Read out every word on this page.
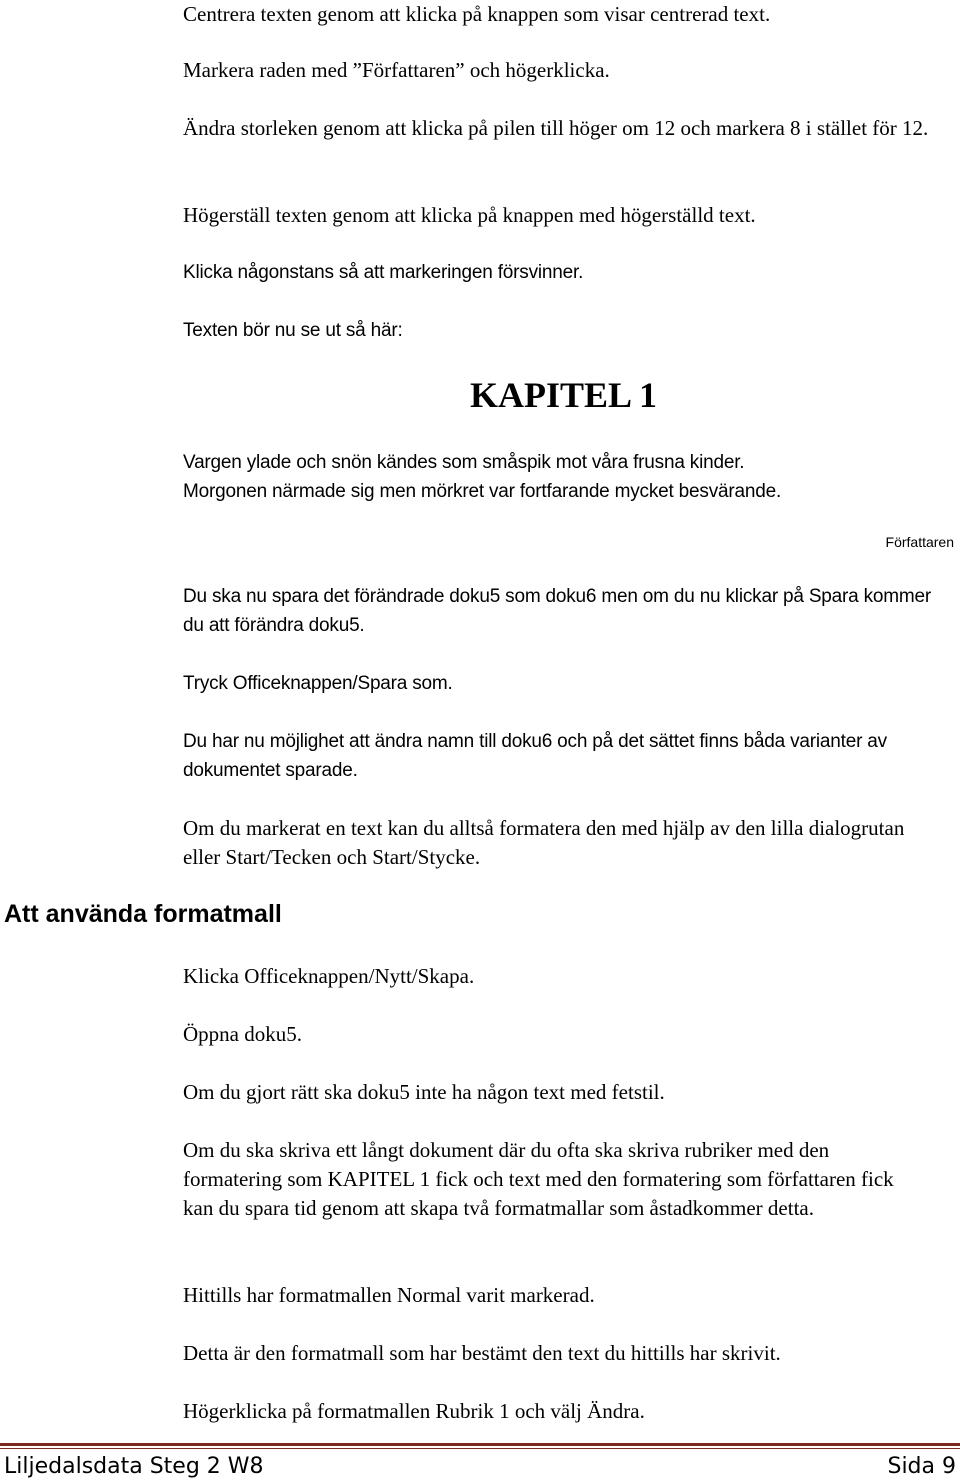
Centrera texten genom att klicka på knappen som visar centrerad text.

Markera raden med ”Författaren” och högerklicka.

Ändra storleken genom att klicka på pilen till höger om 12 och markera 8 i stället för 12.

Högerställ texten genom att klicka på knappen med högerställd text.

Klicka någonstans så att markeringen försvinner.

Texten bör nu se ut så här:

KAPITEL 1

Vargen ylade och snön kändes som småspik mot våra frusna kinder.

Morgonen närmade sig men mörkret var fortfarande mycket besvärande.

Författaren

Du ska nu spara det förändrade doku5 som doku6 men om du nu klickar på Spara kommer du att förändra doku5.

Tryck Officeknappen/Spara som.

Du har nu möjlighet att ändra namn till doku6 och på det sättet finns båda varianter av dokumentet sparade.

Om du markerat en text kan du alltså formatera den med hjälp av den lilla dialogrutan eller Start/Tecken och Start/Stycke.

Att använda formatmall

Klicka Officeknappen/Nytt/Skapa.

Öppna doku5.

Om du gjort rätt ska doku5 inte ha någon text med fetstil.

Om du ska skriva ett långt dokument där du ofta ska skriva rubriker med den formatering som KAPITEL 1 fick och text med den formatering som författaren fick kan du spara tid genom att skapa två formatmallar som åstadkommer detta.

Hittills har formatmallen Normal varit markerad.

Detta är den formatmall som har bestämt den text du hittills har skrivit.

Högerklicka på formatmallen Rubrik 1 och välj Ändra.

Liljedalsdata Steg 2 W8	Sida 9
